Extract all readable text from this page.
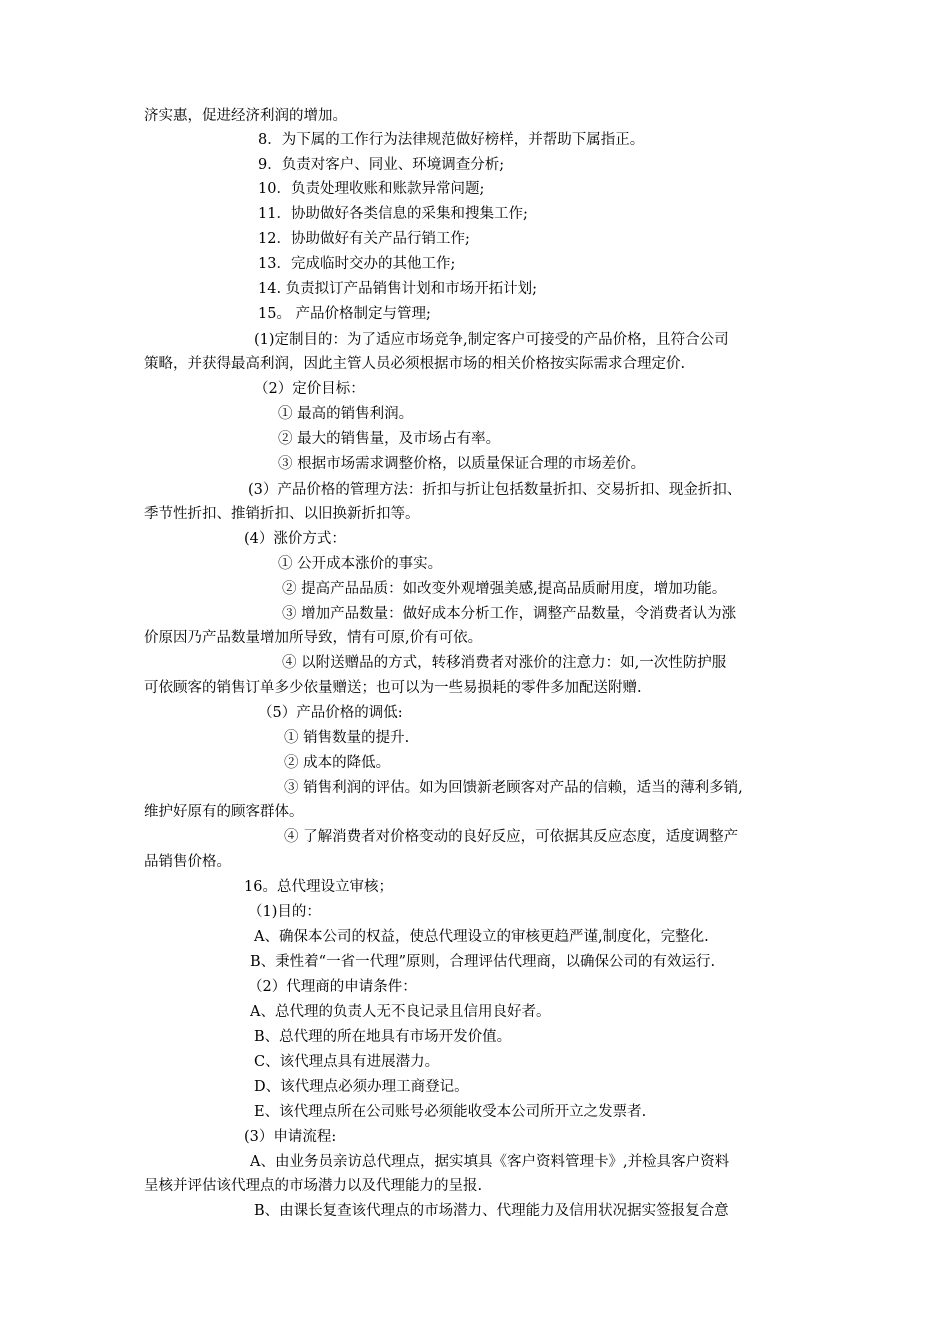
济实惠，促进经济利润的增加。
8．为下属的工作行为法律规范做好榜样，并帮助下属指正。
9．负责对客户、同业、环境调查分析;
10．负责处理收账和账款异常问题;
11．协助做好各类信息的采集和搜集工作;
12．协助做好有关产品行销工作;
13．完成临时交办的其他工作;
14. 负责拟订产品销售计划和市场开拓计划;
15。 产品价格制定与管理;
(1)定制目的：为了适应市场竞争,制定客户可接受的产品价格，且符合公司
策略，并获得最高利润，因此主管人员必须根据市场的相关价格按实际需求合理定价.
（2）定价目标：
① 最高的销售利润。
② 最大的销售量，及市场占有率。
③ 根据市场需求调整价格，以质量保证合理的市场差价。
(3）产品价格的管理方法：折扣与折让包括数量折扣、交易折扣、现金折扣、
季节性折扣、推销折扣、以旧换新折扣等。
(4）涨价方式：
① 公开成本涨价的事实。
② 提高产品品质：如改变外观增强美感,提高品质耐用度，增加功能。
③ 增加产品数量：做好成本分析工作，调整产品数量，令消费者认为涨
价原因乃产品数量增加所导致，情有可原,价有可依。
④ 以附送赠品的方式，转移消费者对涨价的注意力：如,一次性防护服
可依顾客的销售订单多少依量赠送；也可以为一些易损耗的零件多加配送附赠.
（5）产品价格的调低:
① 销售数量的提升.
② 成本的降低。
③ 销售利润的评估。如为回馈新老顾客对产品的信赖，适当的薄利多销,
维护好原有的顾客群体。
④ 了解消费者对价格变动的良好反应，可依据其反应态度，适度调整产
品销售价格。
16。总代理设立审核；
（1)目的：
A、确保本公司的权益，使总代理设立的审核更趋严谨,制度化，完整化.
B、秉性着“一省一代理”原则，合理评估代理商，以确保公司的有效运行.
（2）代理商的申请条件：
A、总代理的负责人无不良记录且信用良好者。
B、总代理的所在地具有市场开发价值。
C、该代理点具有进展潜力。
D、该代理点必须办理工商登记。
E、该代理点所在公司账号必须能收受本公司所开立之发票者.
(3）申请流程:
A、由业务员亲访总代理点，据实填具《客户资料管理卡》,并检具客户资料
呈核并评估该代理点的市场潜力以及代理能力的呈报.
B、由课长复查该代理点的市场潜力、代理能力及信用状况据实签报复合意
